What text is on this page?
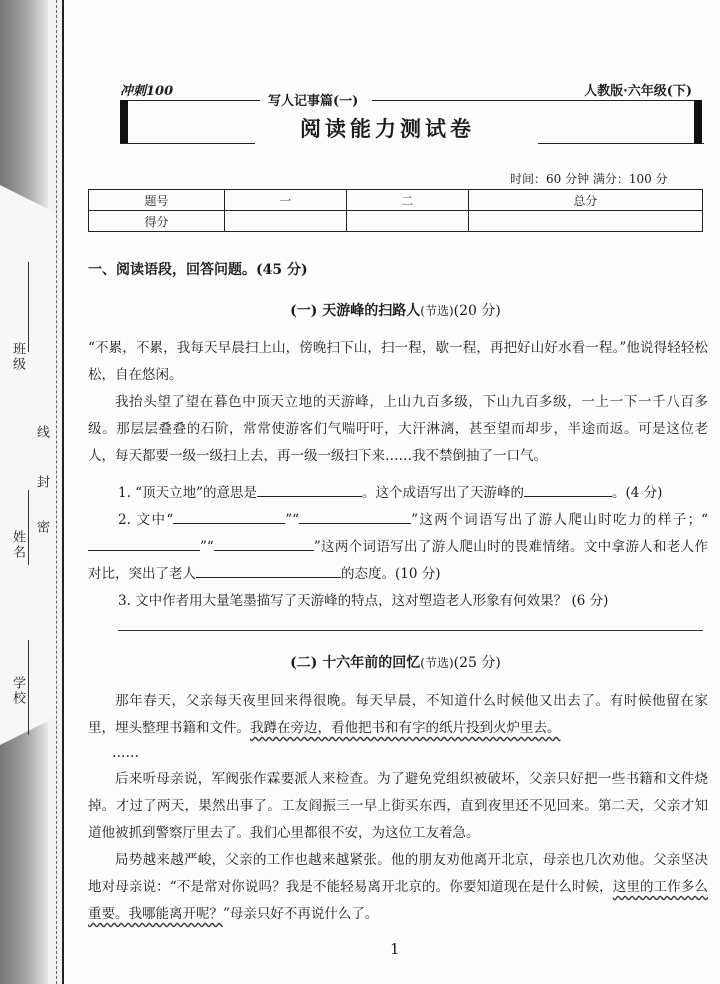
班级
姓名
线
封
密
学校
冲刺100
写人记事篇(一)
人教版·六年级(下)
阅读能力测试卷
时间：60 分钟 满分：100 分
题号	一	二	总分
得分			
一、阅读语段，回答问题。(45 分)
(一) 天游峰的扫路人(节选)(20 分)
“不累，不累，我每天早晨扫上山，傍晚扫下山，扫一程，歇一程，再把好山好水看一程。”他说得轻轻松松，自在悠闲。
我抬头望了望在暮色中顶天立地的天游峰，上山九百多级，下山九百多级，一上一下一千八百多级。那层层叠叠的石阶，常常使游客们气喘吁吁，大汗淋漓，甚至望而却步，半途而返。可是这位老人，每天都要一级一级扫上去，再一级一级扫下来……我不禁倒抽了一口气。
1. “顶天立地”的意思是	。这个成语写出了天游峰的	。(4 分)
2. 文中“	”“	”这两个词语写出了游人爬山时吃力的样子；“”“	”这两个词语写出了游人爬山时的畏难情绪。文中拿游人和老人作对比，突出了老人	的态度。(10 分)
3. 文中作者用大量笔墨描写了天游峰的特点，这对塑造老人形象有何效果？ (6 分)
(二) 十六年前的回忆(节选)(25 分)
那年春天，父亲每天夜里回来得很晚。每天早晨，不知道什么时候他又出去了。有时候他留在家里，埋头整理书籍和文件。我蹲在旁边，看他把书和有字的纸片投到火炉里去。
……
后来听母亲说，军阀张作霖要派人来检查。为了避免党组织被破坏，父亲只好把一些书籍和文件烧掉。才过了两天，果然出事了。工友阎振三一早上街买东西，直到夜里还不见回来。第二天，父亲才知道他被抓到警察厅里去了。我们心里都很不安，为这位工友着急。
局势越来越严峻，父亲的工作也越来越紧张。他的朋友劝他离开北京，母亲也几次劝他。父亲坚决地对母亲说：“不是常对你说吗？我是不能轻易离开北京的。你要知道现在是什么时候，这里的工作多么重要。我哪能离开呢？”母亲只好不再说什么了。
1
